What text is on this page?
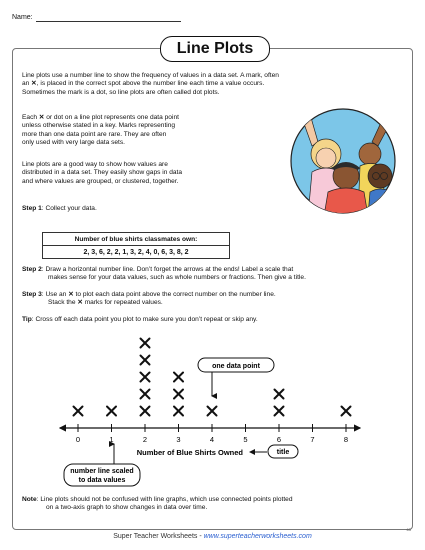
Name:
Line Plots
Line plots use a number line to show the frequency of values in a data set. A mark, often
an ✕, is placed in the correct spot above the number line each time a value occurs.
Sometimes the mark is a dot, so line plots are often called dot plots.
Each ✕ or dot on a line plot represents one data point
unless otherwise stated in a key. Marks representing
more than one data point are rare. They are often
only used with very large data sets.
Line plots are a good way to show how values are
distributed in a data set. They easily show gaps in data
and where values are grouped, or clustered, together.
Step 1: Collect your data.
Number of blue shirts classmates own:
2, 3, 6, 2, 2, 1, 3, 2, 4, 0, 6, 3, 8, 2
Step 2: Draw a horizontal number line. Don’t forget the arrows at the ends! Label a scale that
makes sense for your data values, such as whole numbers or fractions. Then give a title.
Step 3: Use an ✕ to plot each data point above the correct number on the number line.
Stack the ✕ marks for repeated values.
Tip: Cross off each data point you plot to make sure you don’t repeat or skip any.
0	1	2	3	4	5	6	7	8
one data point
Number of Blue Shirts Owned	title
number line scaled
to data values
Note: Line plots should not be confused with line graphs, which use connected points plotted
on a two-axis graph to show changes in data over time.
Super Teacher Worksheets - www.superteacherworksheets.com
65
